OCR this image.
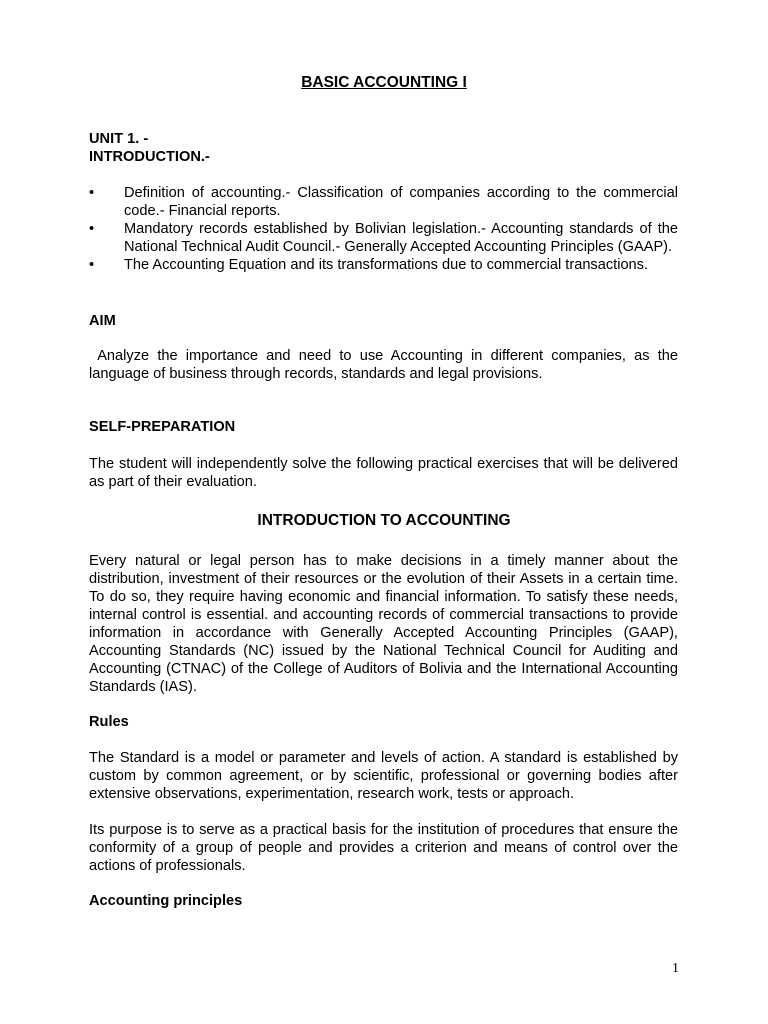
BASIC ACCOUNTING I
UNIT 1. -
INTRODUCTION.-
•	Definition of accounting.- Classification of companies according to the commercial code.- Financial reports.
•	Mandatory records established by Bolivian legislation.- Accounting standards of the National Technical Audit Council.- Generally Accepted Accounting Principles (GAAP).
•	The Accounting Equation and its transformations due to commercial transactions.
AIM

Analyze the importance and need to use Accounting in different companies, as the language of business through records, standards and legal provisions.

SELF-PREPARATION

The student will independently solve the following practical exercises that will be delivered as part of their evaluation.

INTRODUCTION TO ACCOUNTING

Every natural or legal person has to make decisions in a timely manner about the distribution, investment of their resources or the evolution of their Assets in a certain time. To do so, they require having economic and financial information. To satisfy these needs, internal control is essential. and accounting records of commercial transactions to provide information in accordance with Generally Accepted Accounting Principles (GAAP), Accounting Standards (NC) issued by the National Technical Council for Auditing and Accounting (CTNAC) of the College of Auditors of Bolivia and the International Accounting Standards (IAS).

Rules

The Standard is a model or parameter and levels of action. A standard is established by custom by common agreement, or by scientific, professional or governing bodies after extensive observations, experimentation, research work, tests or approach.

Its purpose is to serve as a practical basis for the institution of procedures that ensure the conformity of a group of people and provides a criterion and means of control over the actions of professionals.

Accounting principles
1
